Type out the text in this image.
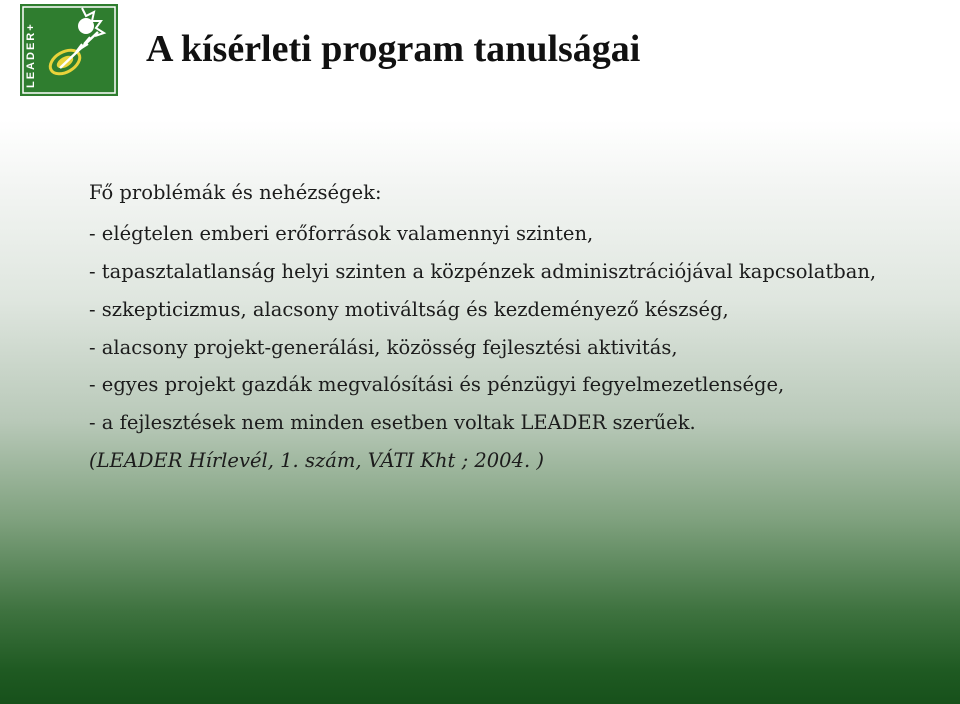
LEADER+	A kísérleti program tanulságai

Fő problémák és nehézségek:

- elégtelen emberi erőforrások valamennyi szinten,

- tapasztalatlanság helyi szinten a közpénzek adminisztrációjával kapcsolatban,

- szkepticizmus, alacsony motiváltság és kezdeményező készség,

- alacsony projekt-generálási, közösség fejlesztési aktivitás,

- egyes projekt gazdák megvalósítási és pénzügyi fegyelmezetlensége,

- a fejlesztések nem minden esetben voltak LEADER szerűek.

(LEADER Hírlevél, 1. szám, VÁTI Kht ; 2004. )
